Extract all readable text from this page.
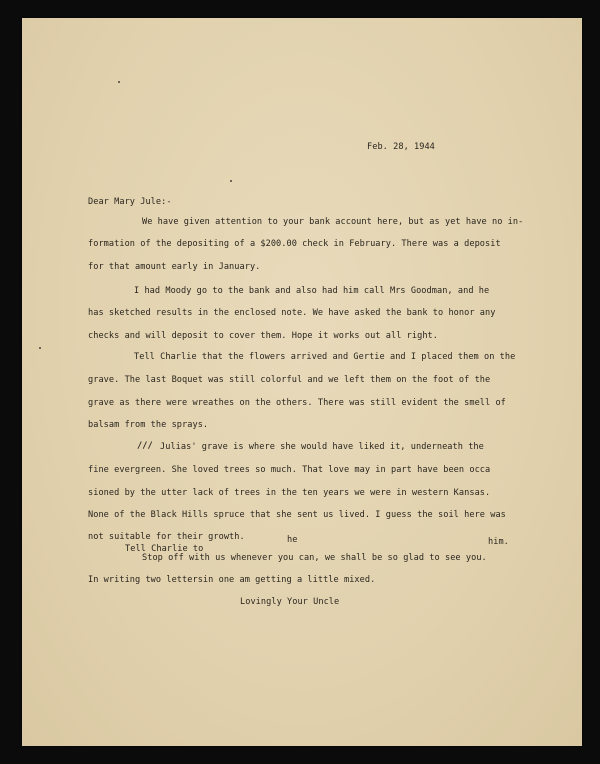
Feb. 28, 1944
Dear Mary Jule:-
We have given attention to your bank account here, but as yet have no in-
formation of the depositing of a $200.00 check in February. There was a deposit
for that amount early in January.
I had Moody go to the bank and also had him call Mrs Goodman, and he
has sketched results in the enclosed note. We have asked the bank to honor any
checks and will deposit to cover them. Hope it works out all right.
Tell Charlie that the flowers arrived and Gertie and I placed them on the
grave. The last Boquet was still colorful and we left them on the foot of the
grave as there were wreathes on the others. There was still evident the smell of
balsam from the sprays.
/// Julias' grave is where she would have liked it, underneath the
fine evergreen. She loved trees so much. That love may in part have been occa
sioned by the utter lack of trees in the ten years we were in western Kansas.
None of the Black Hills spruce that she sent us lived. I guess the soil here was
not suitable for their growth.	he	him.
Tell Charlie to
Stop off with us whenever you can, we shall be so glad to see you.
In writing two lettersin one am getting a little mixed.
Lovingly Your Uncle
